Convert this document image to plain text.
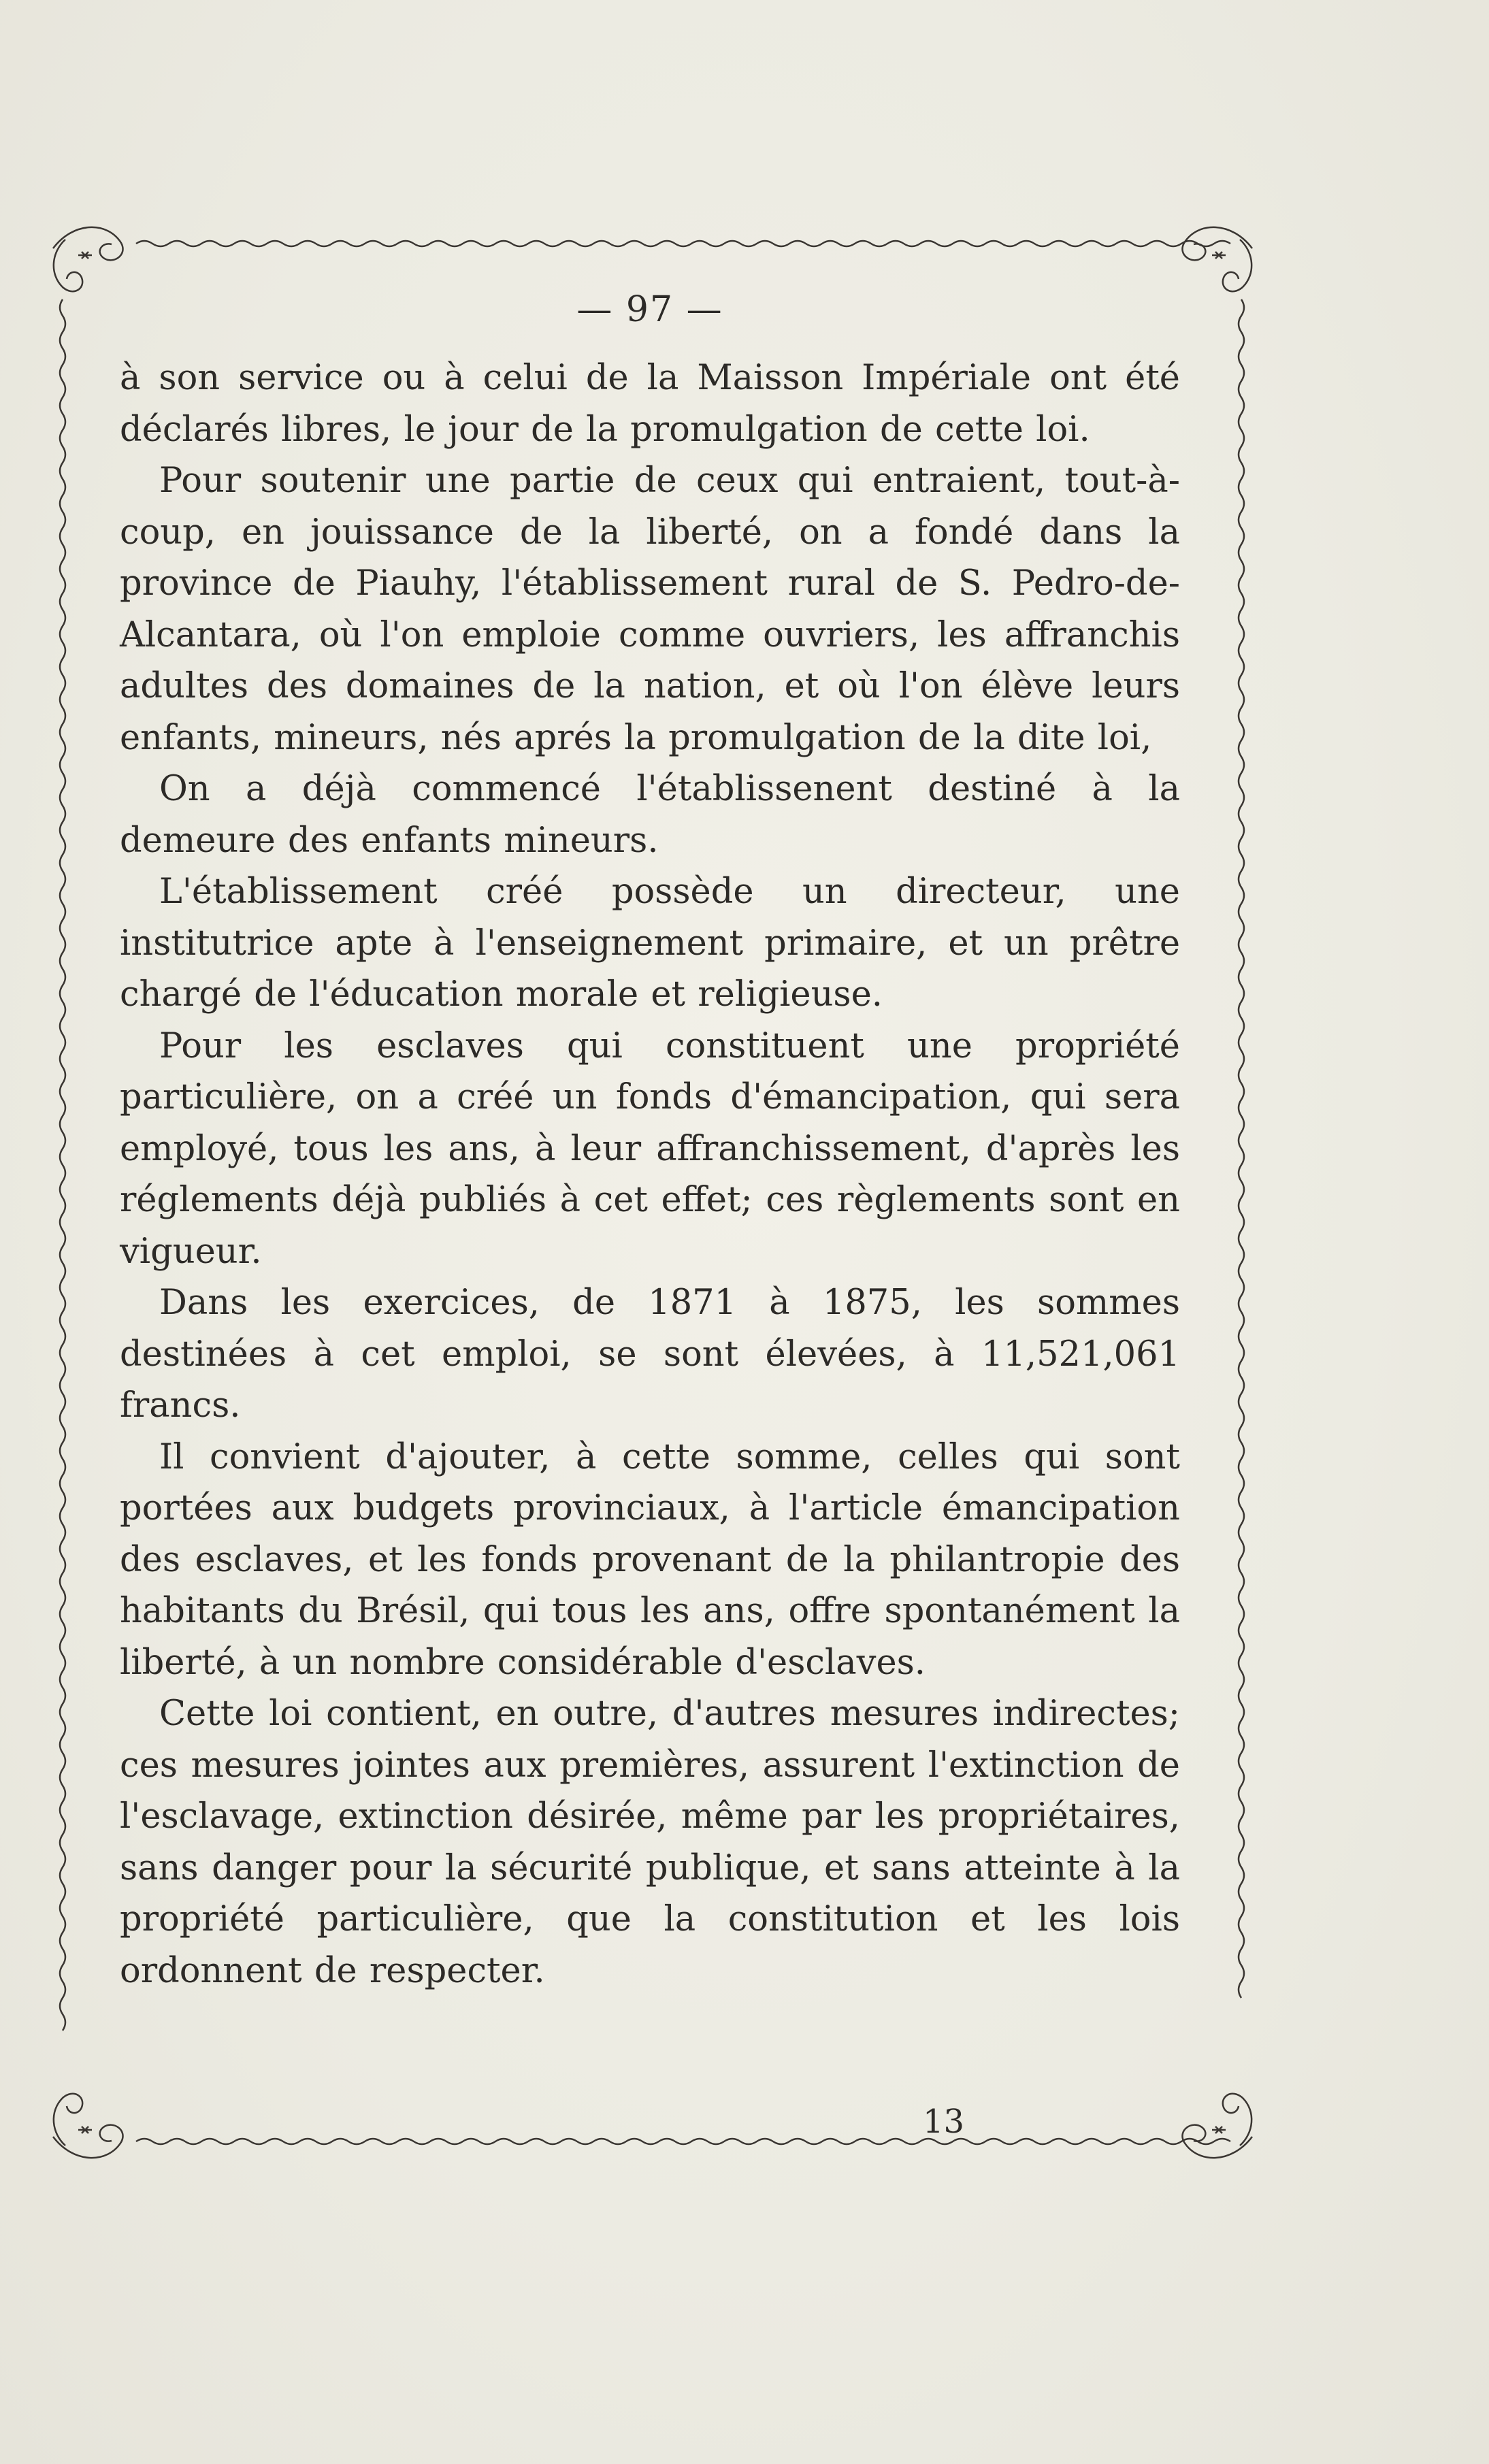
— 97 —

à son service ou à celui de la Maisson Impériale ont été déclarés libres, le jour de la promulgation de cette loi.

Pour soutenir une partie de ceux qui entraient, tout-à-coup, en jouissance de la liberté, on a fondé dans la province de Piauhy, l'établissement rural de S. Pedro-de-Alcantara, où l'on emploie comme ouvriers, les affranchis adultes des domaines de la nation, et où l'on élève leurs enfants, mineurs, nés aprés la promulgation de la dite loi,

On a déjà commencé l'établissenent destiné à la demeure des enfants mineurs.

L'établissement créé possède un directeur, une institutrice apte à l'enseignement primaire, et un prêtre chargé de l'éducation morale et religieuse.

Pour les esclaves qui constituent une propriété particulière, on a créé un fonds d'émancipation, qui sera employé, tous les ans, à leur affranchissement, d'après les réglements déjà publiés à cet effet; ces règlements sont en vigueur.

Dans les exercices, de 1871 à 1875, les sommes destinées à cet emploi, se sont élevées, à 11,521,061 francs.

Il convient d'ajouter, à cette somme, celles qui sont portées aux budgets provinciaux, à l'article émancipation des esclaves, et les fonds provenant de la philantropie des habitants du Brésil, qui tous les ans, offre spontanément la liberté, à un nombre considérable d'esclaves.

Cette loi contient, en outre, d'autres mesures indirectes; ces mesures jointes aux premières, assurent l'extinction de l'esclavage, extinction désirée, même par les propriétaires, sans danger pour la sécurité publique, et sans atteinte à la propriété particulière, que la constitution et les lois ordonnent de respecter.

13
